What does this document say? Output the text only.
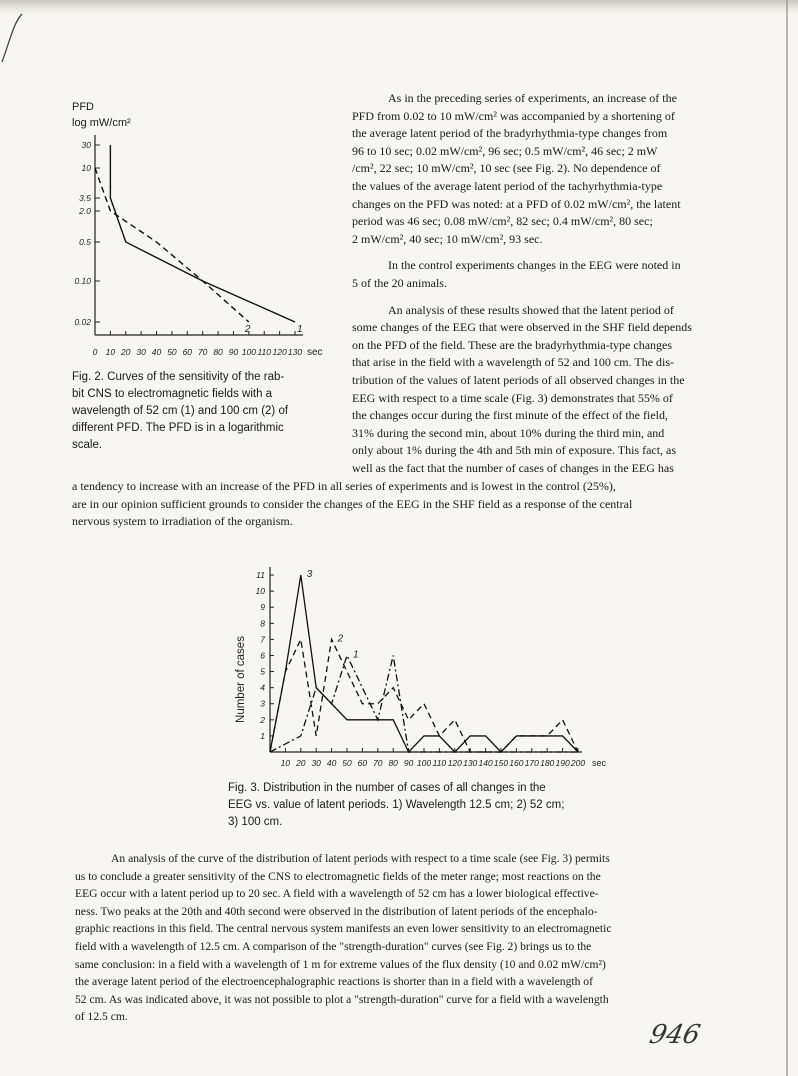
PFD
log mW/cm²
30
10
3.5
2.0
0.5
0.10
0.02
0 10 20 30 40 50 60 70 80 90 100 110 120 130 sec
1
2
Fig. 2. Curves of the sensitivity of the rab-
bit CNS to electromagnetic fields with a
wavelength of 52 cm (1) and 100 cm (2) of
different PFD. The PFD is in a logarithmic
scale.
As in the preceding series of experiments, an increase of the
PFD from 0.02 to 10 mW/cm² was accompanied by a shortening of
the average latent period of the bradyrhythmia-type changes from
96 to 10 sec; 0.02 mW/cm², 96 sec; 0.5 mW/cm², 46 sec; 2 mW
/cm², 22 sec; 10 mW/cm², 10 sec (see Fig. 2). No dependence of
the values of the average latent period of the tachyrhythmia-type
changes on the PFD was noted: at a PFD of 0.02 mW/cm², the latent
period was 46 sec; 0.08 mW/cm², 82 sec; 0.4 mW/cm², 80 sec;
2 mW/cm², 40 sec; 10 mW/cm², 93 sec.
In the control experiments changes in the EEG were noted in
5 of the 20 animals.
An analysis of these results showed that the latent period of
some changes of the EEG that were observed in the SHF field depends
on the PFD of the field. These are the bradyrhythmia-type changes
that arise in the field with a wavelength of 52 and 100 cm. The dis-
tribution of the values of latent periods of all observed changes in the
EEG with respect to a time scale (Fig. 3) demonstrates that 55% of
the changes occur during the first minute of the effect of the field,
31% during the second min, about 10% during the third min, and
only about 1% during the 4th and 5th min of exposure. This fact, as
well as the fact that the number of cases of changes in the EEG has
a tendency to increase with an increase of the PFD in all series of experiments and is lowest in the control (25%),
are in our opinion sufficient grounds to consider the changes of the EEG in the SHF field as a response of the central
nervous system to irradiation of the organism.
1
2
3
4
5
6
7
8
9
10
11
10 20 30 40 50 60 70 80 90 100 110 120 130 140 150 160 170 180 190 200 sec
Number of cases	1
2
3
Fig. 3. Distribution in the number of cases of all changes in the
EEG vs. value of latent periods. 1) Wavelength 12.5 cm; 2) 52 cm;
3) 100 cm.
An analysis of the curve of the distribution of latent periods with respect to a time scale (see Fig. 3) permits
us to conclude a greater sensitivity of the CNS to electromagnetic fields of the meter range; most reactions on the
EEG occur with a latent period up to 20 sec. A field with a wavelength of 52 cm has a lower biological effective-
ness. Two peaks at the 20th and 40th second were observed in the distribution of latent periods of the encephalo-
graphic reactions in this field. The central nervous system manifests an even lower sensitivity to an electromagnetic
field with a wavelength of 12.5 cm. A comparison of the "strength-duration" curves (see Fig. 2) brings us to the
same conclusion: in a field with a wavelength of 1 m for extreme values of the flux density (10 and 0.02 mW/cm²)
the average latent period of the electroencephalographic reactions is shorter than in a field with a wavelength of
52 cm. As was indicated above, it was not possible to plot a "strength-duration" curve for a field with a wavelength
of 12.5 cm.
946
